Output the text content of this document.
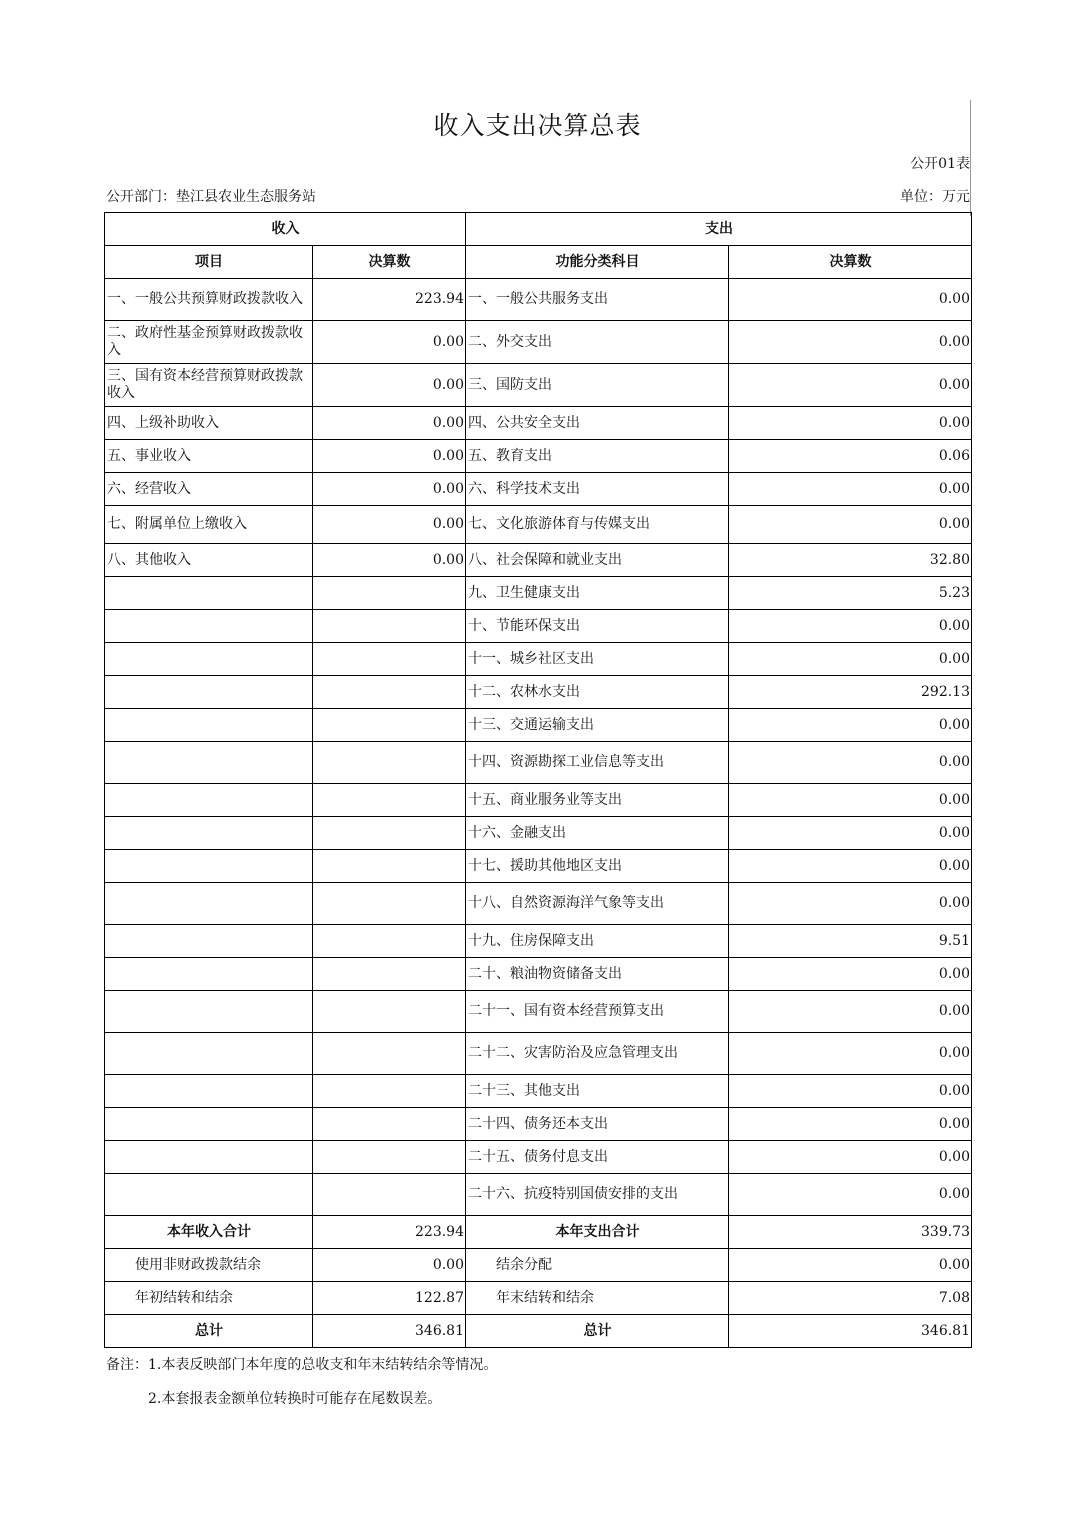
收入支出决算总表
公开01表
公开部门：垫江县农业生态服务站	单位：万元
收入		支出	
项目	决算数	功能分类科目	决算数
一、一般公共预算财政拨款收入	223.94	一、一般公共服务支出	0.00
二、政府性基金预算财政拨款收入	0.00	二、外交支出	0.00
三、国有资本经营预算财政拨款收入	0.00	三、国防支出	0.00
四、上级补助收入	0.00	四、公共安全支出	0.00
五、事业收入	0.00	五、教育支出	0.06
六、经营收入	0.00	六、科学技术支出	0.00
七、附属单位上缴收入	0.00	七、文化旅游体育与传媒支出	0.00
八、其他收入	0.00	八、社会保障和就业支出	32.80
		九、卫生健康支出	5.23
		十、节能环保支出	0.00
		十一、城乡社区支出	0.00
		十二、农林水支出	292.13
		十三、交通运输支出	0.00
		十四、资源勘探工业信息等支出	0.00
		十五、商业服务业等支出	0.00
		十六、金融支出	0.00
		十七、援助其他地区支出	0.00
		十八、自然资源海洋气象等支出	0.00
		十九、住房保障支出	9.51
		二十、粮油物资储备支出	0.00
		二十一、国有资本经营预算支出	0.00
		二十二、灾害防治及应急管理支出	0.00
		二十三、其他支出	0.00
		二十四、债务还本支出	0.00
		二十五、债务付息支出	0.00
		二十六、抗疫特别国债安排的支出	0.00
本年收入合计	223.94	本年支出合计	339.73
使用非财政拨款结余	0.00	结余分配	0.00
年初结转和结余	122.87	年末结转和结余	7.08
总计	346.81	总计	346.81
备注：1.本表反映部门本年度的总收支和年末结转结余等情况。
2.本套报表金额单位转换时可能存在尾数误差。
